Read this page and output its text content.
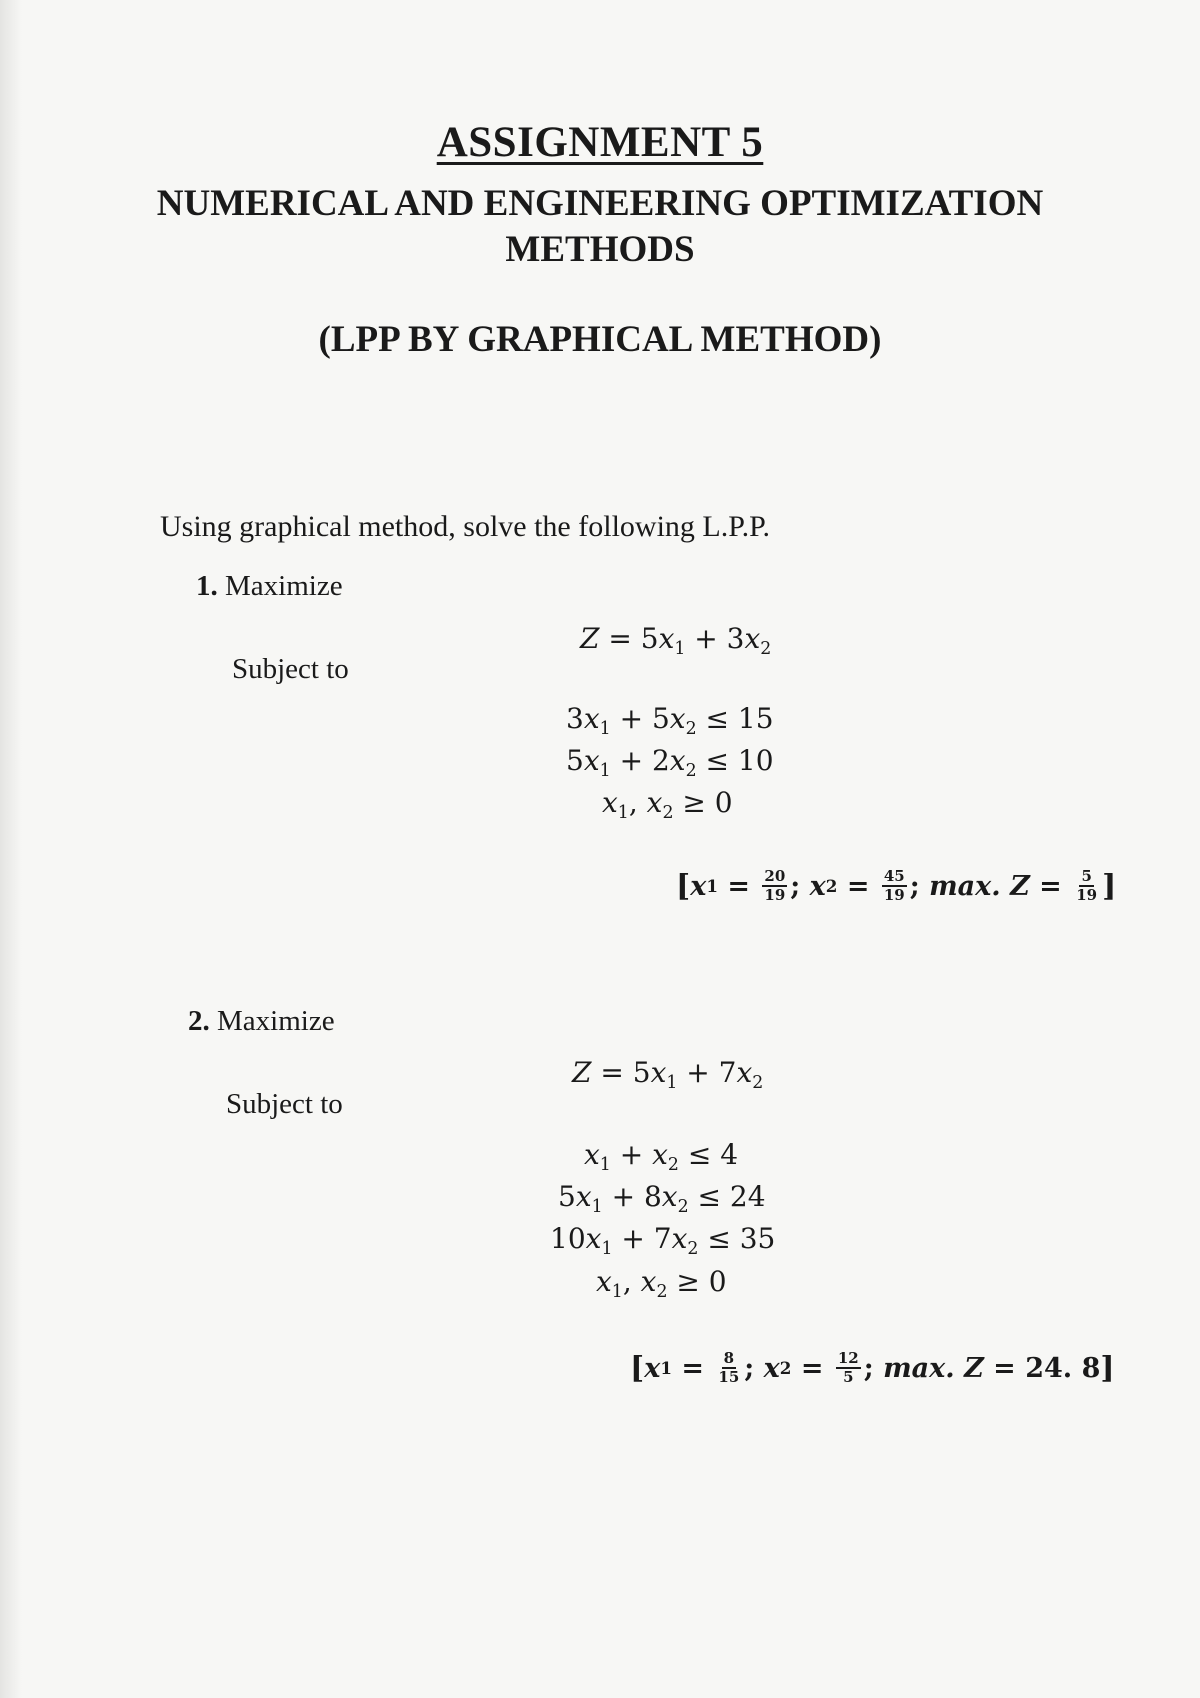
ASSIGNMENT 5
NUMERICAL AND ENGINEERING OPTIMIZATION
METHODS
(LPP BY GRAPHICAL METHOD)
Using graphical method, solve the following L.P.P.
1. Maximize
$Z = 5x_1 + 3x_2$
Subject to
$3x_1 + 5x_2 \le 15$
$5x_1 + 2x_2 \le 10$
$x_1$, $x_2 \ge 0$
[ x $1 = \frac{20}{19}$ ; x $2 = \frac{45}{19}$ ; max. Z =
$\frac{5}{19}$ ]
2. Maximize
$Z = 5x_1 + 7x_2$
Subject to
$x_1 + x_2 \le 4$
$5x_1 + 8x_2 \le 24$
$10x_1 + 7x_2 \le 35$
$x_1$, $x_2 \ge 0$
[ x $1 = \frac{8}{15}$ ; x $2 = \frac{12}{5}$ ; max. Z =
24. 8 ]
